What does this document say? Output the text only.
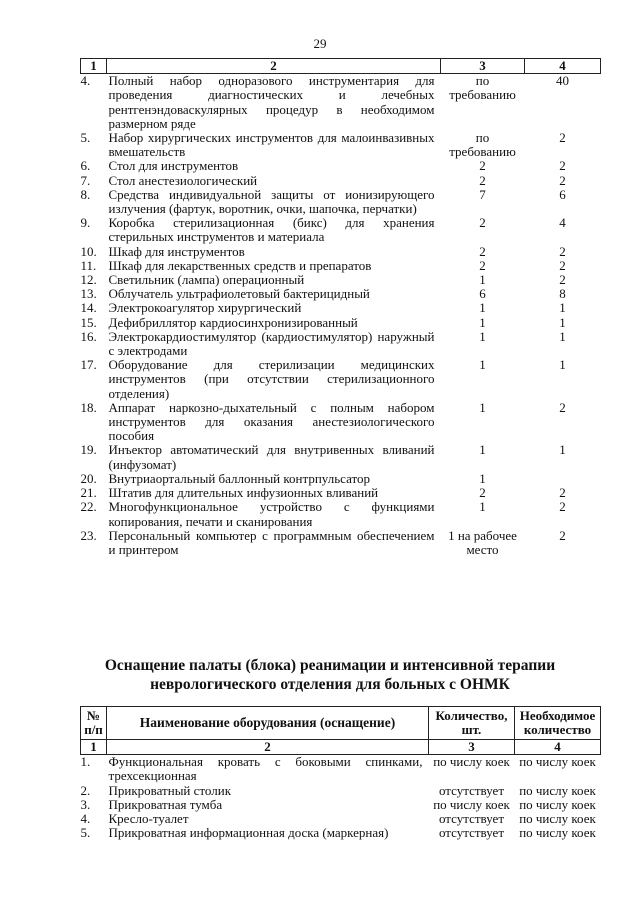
29
1	2	3	4
4.	Полный набор одноразового инструментария для проведения диагностических и лечебных рентгенэндоваскулярных процедур в необходимом размерном ряде	по требованию	40
5.	Набор хирургических инструментов для малоинвазивных вмешательств	по требованию	2
6.	Стол для инструментов	2	2
7.	Стол анестезиологический	2	2
8.	Средства индивидуальной защиты от ионизирующего излучения (фартук, воротник, очки, шапочка, перчатки)	7	6
9.	Коробка стерилизационная (бикс) для хранения стерильных инструментов и материала	2	4
10.	Шкаф для инструментов	2	2
11.	Шкаф для лекарственных средств и препаратов	2	2
12.	Светильник (лампа) операционный	1	2
13.	Облучатель ультрафиолетовый бактерицидный	6	8
14.	Электрокоагулятор хирургический	1	1
15.	Дефибриллятор кардиосинхронизированный	1	1
16.	Электрокардиостимулятор (кардиостимулятор) наружный с электродами	1	1
17.	Оборудование для стерилизации медицинских инструментов (при отсутствии стерилизационного отделения)	1	1
18.	Аппарат наркозно-дыхательный с полным набором инструментов для оказания анестезиологического пособия	1	2
19.	Инъектор автоматический для внутривенных вливаний (инфузомат)	1	1
20.	Внутриаортальный баллонный контрпульсатор	1	
21.	Штатив для длительных инфузионных вливаний	2	2
22.	Многофункциональное устройство с функциями копирования, печати и сканирования	1	2
23.	Персональный компьютер с программным обеспечением и принтером	1 на рабочее место	2
Оснащение палаты (блока) реанимации и интенсивной терапии неврологического отделения для больных с ОНМК
№ п/п	Наименование оборудования (оснащение)	Количество, шт.	Необходимое количество
1	2	3	4
1.	Функциональная кровать с боковыми спинками, трехсекционная	по числу коек	по числу коек
2.	Прикроватный столик	отсутствует	по числу коек
3.	Прикроватная тумба	по числу коек	по числу коек
4.	Кресло-туалет	отсутствует	по числу коек
5.	Прикроватная информационная доска (маркерная)	отсутствует	по числу коек
